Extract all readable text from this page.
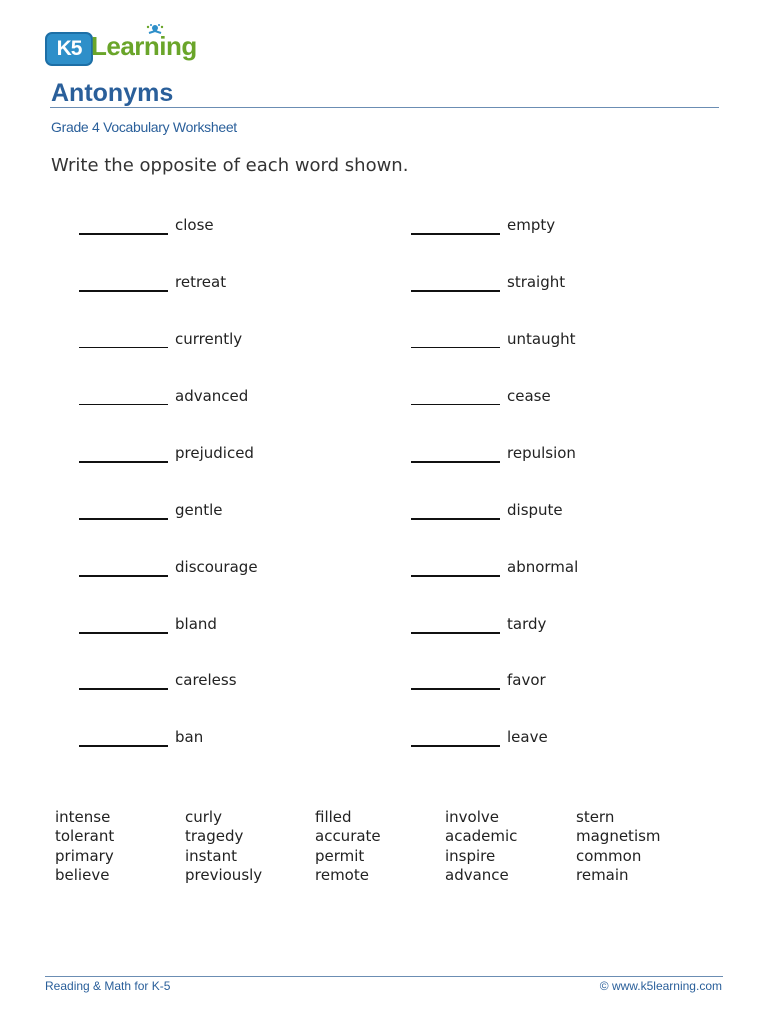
K5 Learning
Antonyms
Grade 4 Vocabulary Worksheet
Write the opposite of each word shown.
close
retreat
currently
advanced
prejudiced
gentle
discourage
bland
careless
ban
empty
straight
untaught
cease
repulsion
dispute
abnormal
tardy
favor
leave
intense
tolerant
primary
believe
curly
tragedy
instant
previously
filled
accurate
permit
remote
involve
academic
inspire
advance
stern
magnetism
common
remain
Reading & Math for K-5	© www.k5learning.com
